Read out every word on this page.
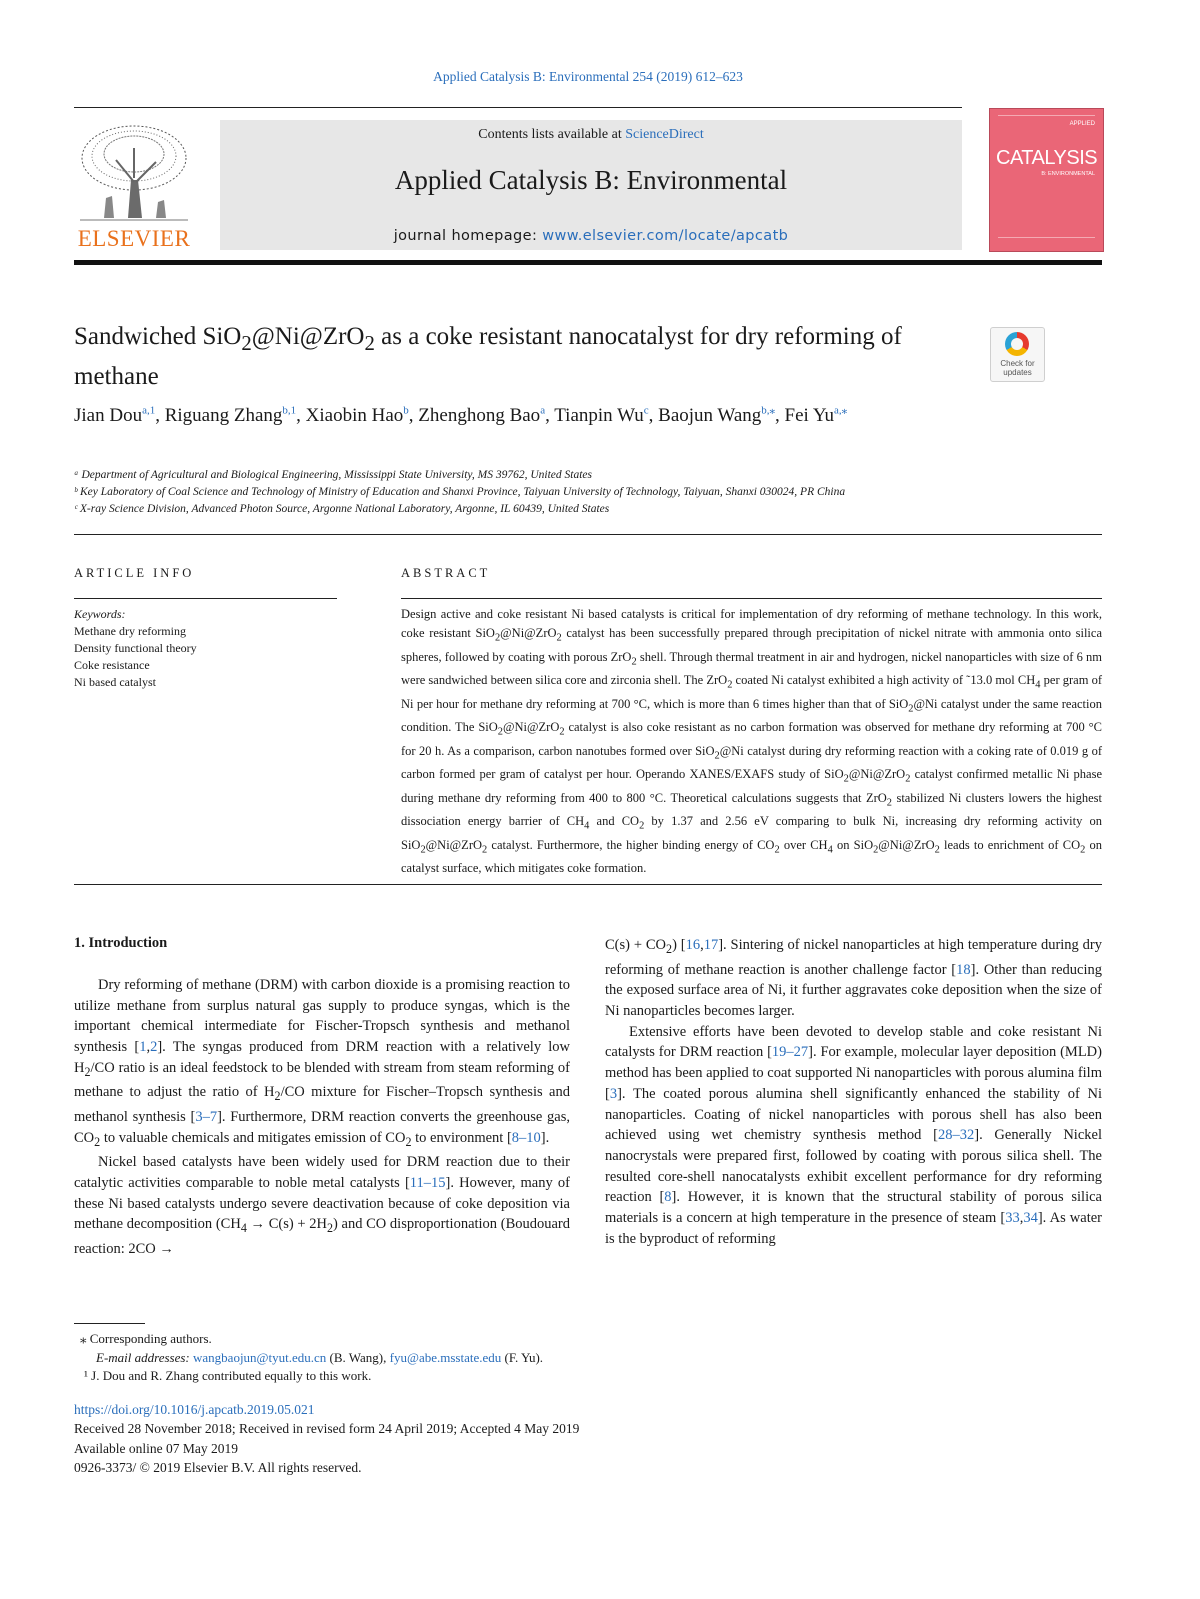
Applied Catalysis B: Environmental 254 (2019) 612–623
ELSEVIER
Contents lists available at ScienceDirect
Applied Catalysis B: Environmental
journal homepage: www.elsevier.com/locate/apcatb
APPLIED
CATALYSIS
B: ENVIRONMENTAL
Sandwiched SiO$_2$@Ni@ZrO$_2$ as a coke resistant nanocatalyst for dry reforming of methane	Check for updates
Jian Dou$^{a,1}$, Riguang Zhang$^{b,1}$, Xiaobin Hao$^b$, Zhenghong Bao$^a$, Tianpin Wu$^c$, Baojun Wang$^{b,⁎}$, Fei $Yu^{a,⁎}$
ᵃ Department of Agricultural and Biological Engineering, Mississippi State University, MS 39762, United States
ᵇ Key Laboratory of Coal Science and Technology of Ministry of Education and Shanxi Province, Taiyuan University of Technology, Taiyuan, Shanxi 030024, PR China
ᶜ X-ray Science Division, Advanced Photon Source, Argonne National Laboratory, Argonne, IL 60439, United States
ARTICLE INFO	ABSTRACT
Keywords:
Methane dry reforming
Density functional theory
Coke resistance
Ni based catalyst
Design active and coke resistant Ni based catalysts is critical for implementation of dry reforming of methane technology. In this work, coke resistant SiO$_2$@Ni@ZrO$_2$ catalyst has been successfully prepared through precipitation of nickel nitrate with ammonia onto silica spheres, followed by coating with porous ZrO$_2$ shell. Through thermal treatment in air and hydrogen, nickel nanoparticles with size of 6 nm were sandwiched between silica core and zirconia shell. The ZrO$_2$ coated Ni catalyst exhibited a high activity of ˜13.0 mol $CH_4$ per gram of Ni per hour for methane dry reforming at 700 °C, which is more than 6 times higher than that of SiO$_2$@Ni catalyst under the same reaction condition. The SiO$_2$@Ni@ZrO$_2$ catalyst is also coke resistant as no carbon formation was observed for methane dry reforming at 700 °C for 20 h. As a comparison, carbon nanotubes formed over SiO$_2$@Ni catalyst during dry reforming reaction with a coking rate of 0.019 g of carbon formed per gram of catalyst per hour. Operando XANES/EXAFS study of SiO$_2$@Ni@ZrO$_2$ catalyst confirmed metallic Ni phase during methane dry reforming from 400 to 800 °C. Theoretical calculations suggests that ZrO$_2$ stabilized Ni clusters lowers the highest dissociation energy barrier of $CH_4$ and $CO_2$ by 1.37 and 2.56 eV comparing to bulk Ni, increasing dry reforming activity on SiO$_2$@Ni@ZrO$_2$ catalyst. Furthermore, the higher binding energy of $CO_2$ over $CH_4$ on SiO$_2$@Ni@ZrO$_2$ leads to enrichment of $CO_2$ on catalyst surface, which mitigates coke formation.
1. Introduction

Dry reforming of methane (DRM) with carbon dioxide is a promising reaction to utilize methane from surplus natural gas supply to produce syngas, which is the important chemical intermediate for Fischer-Tropsch synthesis and methanol synthesis [1,2]. The syngas produced from DRM reaction with a relatively low $H_2/CO$ ratio is an ideal feedstock to be blended with stream from steam reforming of methane to adjust the ratio of $H_2/CO$ mixture for Fischer–Tropsch synthesis and methanol synthesis [3–7]. Furthermore, DRM reaction converts the greenhouse gas, $CO_2$ to valuable chemicals and mitigates emission of $CO_2$ to environment [8–10].

Nickel based catalysts have been widely used for DRM reaction due to their catalytic activities comparable to noble metal catalysts [11–15]. However, many of these Ni based catalysts undergo severe deactivation because of coke deposition via methane decomposition $(CH_4 \to C(s) + 2H_2)$ and CO disproportionation (Boudouard reaction: 2CO →

$C(s) + CO_2$) [16,17]. Sintering of nickel nanoparticles at high temperature during dry reforming of methane reaction is another challenge factor [18]. Other than reducing the exposed surface area of Ni, it further aggravates coke deposition when the size of Ni nanoparticles becomes larger.

Extensive efforts have been devoted to develop stable and coke resistant Ni catalysts for DRM reaction [19–27]. For example, molecular layer deposition (MLD) method has been applied to coat supported Ni nanoparticles with porous alumina film [3]. The coated porous alumina shell significantly enhanced the stability of Ni nanoparticles. Coating of nickel nanoparticles with porous shell has also been achieved using wet chemistry synthesis method [28–32]. Generally Nickel nanocrystals were prepared first, followed by coating with porous silica shell. The resulted core-shell nanocatalysts exhibit excellent performance for dry reforming reaction [8]. However, it is known that the structural stability of porous silica materials is a concern at high temperature in the presence of steam [33,34]. As water is the byproduct of reforming

⁎ Corresponding authors.
E-mail addresses: wangbaojun@tyut.edu.cn (B. Wang), fyu@abe.msstate.edu (F. Yu).
¹ J. Dou and R. Zhang contributed equally to this work.
https://doi.org/10.1016/j.apcatb.2019.05.021
Received 28 November 2018; Received in revised form 24 April 2019; Accepted 4 May 2019
Available online 07 May 2019
0926-3373/ © 2019 Elsevier B.V. All rights reserved.
